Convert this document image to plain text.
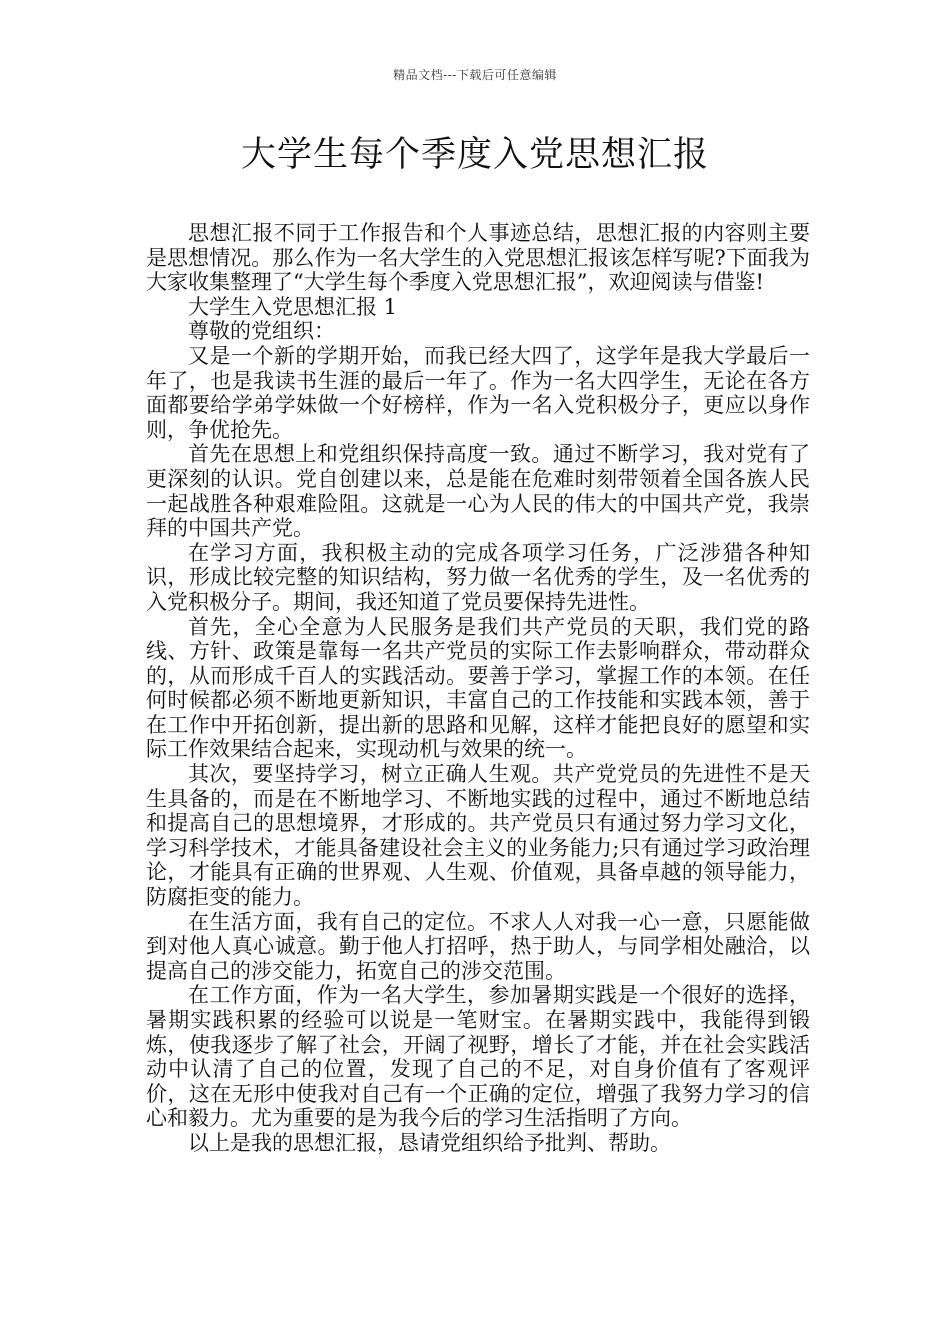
精品文档---下载后可任意编辑
大学生每个季度入党思想汇报

思想汇报不同于工作报告和个人事迹总结，思想汇报的内容则主要是思想情况。那么作为一名大学生的入党思想汇报该怎样写呢?下面我为大家收集整理了“大学生每个季度入党思想汇报”，欢迎阅读与借鉴!

大学生入党思想汇报 1

尊敬的党组织：

又是一个新的学期开始，而我已经大四了，这学年是我大学最后一年了，也是我读书生涯的最后一年了。作为一名大四学生，无论在各方面都要给学弟学妹做一个好榜样，作为一名入党积极分子，更应以身作则，争优抢先。

首先在思想上和党组织保持高度一致。通过不断学习，我对党有了更深刻的认识。党自创建以来，总是能在危难时刻带领着全国各族人民一起战胜各种艰难险阻。这就是一心为人民的伟大的中国共产党，我崇拜的中国共产党。

在学习方面，我积极主动的完成各项学习任务，广泛涉猎各种知识，形成比较完整的知识结构，努力做一名优秀的学生，及一名优秀的入党积极分子。期间，我还知道了党员要保持先进性。

首先，全心全意为人民服务是我们共产党员的天职，我们党的路线、方针、政策是靠每一名共产党员的实际工作去影响群众，带动群众的，从而形成千百人的实践活动。要善于学习，掌握工作的本领。在任何时候都必须不断地更新知识，丰富自己的工作技能和实践本领，善于在工作中开拓创新，提出新的思路和见解，这样才能把良好的愿望和实际工作效果结合起来，实现动机与效果的统一。

其次，要坚持学习，树立正确人生观。共产党党员的先进性不是天生具备的，而是在不断地学习、不断地实践的过程中，通过不断地总结和提高自己的思想境界，才形成的。共产党员只有通过努力学习文化，学习科学技术，才能具备建设社会主义的业务能力;只有通过学习政治理论，才能具有正确的世界观、人生观、价值观，具备卓越的领导能力，防腐拒变的能力。

在生活方面，我有自己的定位。不求人人对我一心一意，只愿能做到对他人真心诚意。勤于他人打招呼，热于助人，与同学相处融洽，以提高自己的涉交能力，拓宽自己的涉交范围。

在工作方面，作为一名大学生，参加暑期实践是一个很好的选择，暑期实践积累的经验可以说是一笔财宝。在暑期实践中，我能得到锻炼，使我逐步了解了社会，开阔了视野，增长了才能，并在社会实践活动中认清了自己的位置，发现了自己的不足，对自身价值有了客观评价，这在无形中使我对自己有一个正确的定位，增强了我努力学习的信心和毅力。尤为重要的是为我今后的学习生活指明了方向。

以上是我的思想汇报，恳请党组织给予批判、帮助。
